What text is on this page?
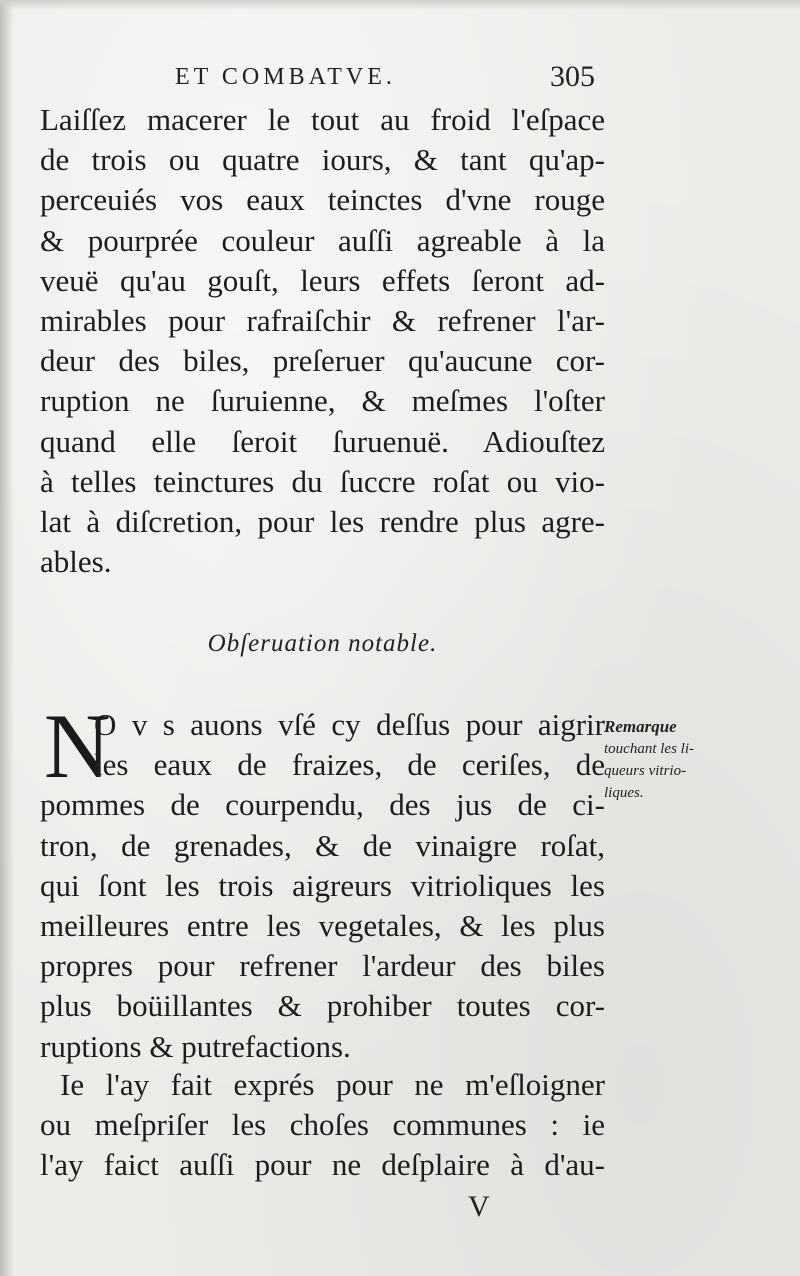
ET COMBATVE.	305
Laiſſez macerer le tout au froid l'eſpace
de trois ou quatre iours, & tant qu'ap-
perceuiés vos eaux teinctes d'vne rouge
& pourprée couleur auſſi agreable à la
veuë qu'au gouſt, leurs effets ſeront ad-
mirables pour rafraiſchir & refrener l'ar-
deur des biles, preſeruer qu'aucune cor-
ruption ne ſuruienne, & meſmes l'oſter
quand elle ſeroit ſuruenuë. Adiouſtez
à telles teinctures du ſuccre roſat ou vio-
lat à diſcretion, pour les rendre plus agre-
ables.
Obſeruation notable.
N
O v s auons vſé cy deſſus pour aigrir
les eaux de fraizes, de ceriſes, de
pommes de courpendu, des jus de ci-
tron, de grenades, & de vinaigre roſat,
qui ſont les trois aigreurs vitrioliques les
meilleures entre les vegetales, & les plus
propres pour refrener l'ardeur des biles
plus boüillantes & prohiber toutes cor-
ruptions & putrefactions.
Remarque
touchant les li-
queurs vitrio-
liques.
Ie l'ay fait exprés pour ne m'eſloigner
ou meſpriſer les choſes communes : ie
l'ay faict auſſi pour ne deſplaire à d'au-
V
